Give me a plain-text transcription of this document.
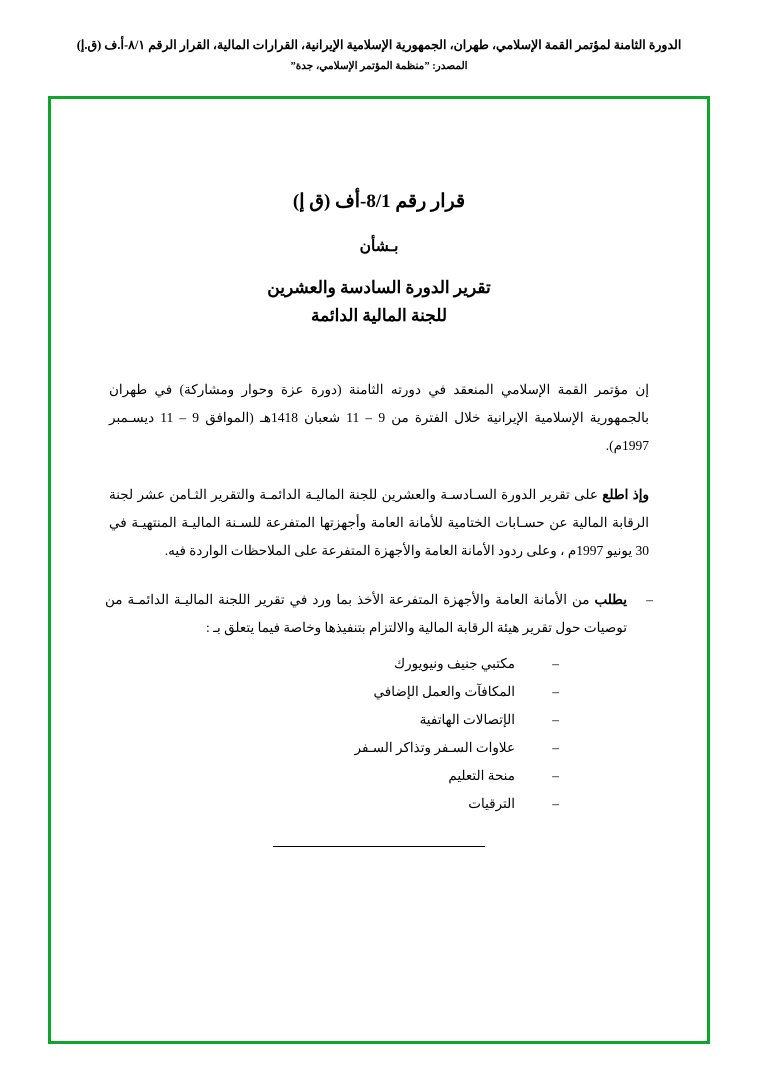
الدورة الثامنة لمؤتمر القمة الإسلامي، طهران، الجمهورية الإسلامية الإيرانية، القرارات المالية، القرار الرقم ٨/١-أ.ف (ق.إ)
المصدر: ˮمنظمة المؤتمر الإسلامي، جدةˮ
قرار رقم 8/1-أف (ق إ)
بـشأن
تقرير الدورة السادسة والعشرين
للجنة المالية الدائمة

إن مؤتمر القمة الإسلامي المنعقد في دورته الثامنة (دورة عزة وحوار ومشاركة) في طهران بالجمهورية الإسلامية الإيرانية خلال الفترة من 9 – 11 شعبان 1418هـ (الموافق 9 – 11 ديسـمبر 1997م).

وإذ اطلع على تقرير الدورة السـادسـة والعشرين للجنة الماليـة الدائمـة والتقرير الثـامن عشر لجنة الرقابة المالية عن حسـابات الختامية للأمانة العامة وأجهزتها المتفرعة للسـنة الماليـة المنتهيـة في 30 يونيو 1997م ، وعلى ردود الأمانة العامة والأجهزة المتفرعة على الملاحظات الواردة فيه.

–
يطلب من الأمانة العامة والأجهزة المتفرعة الأخذ بما ورد في تقرير اللجنة الماليـة الدائمـة من توصيات حول تقرير هيئة الرقابة المالية والالتزام بتنفيذها وخاصة فيما يتعلق بـ :
–
مكتبي جنيف ونيويورك
–
المكافآت والعمل الإضافي
–
الإتصالات الهاتفية
–
علاوات السـفر وتذاكر السـفر
–
منحة التعليم
–
الترقيات
